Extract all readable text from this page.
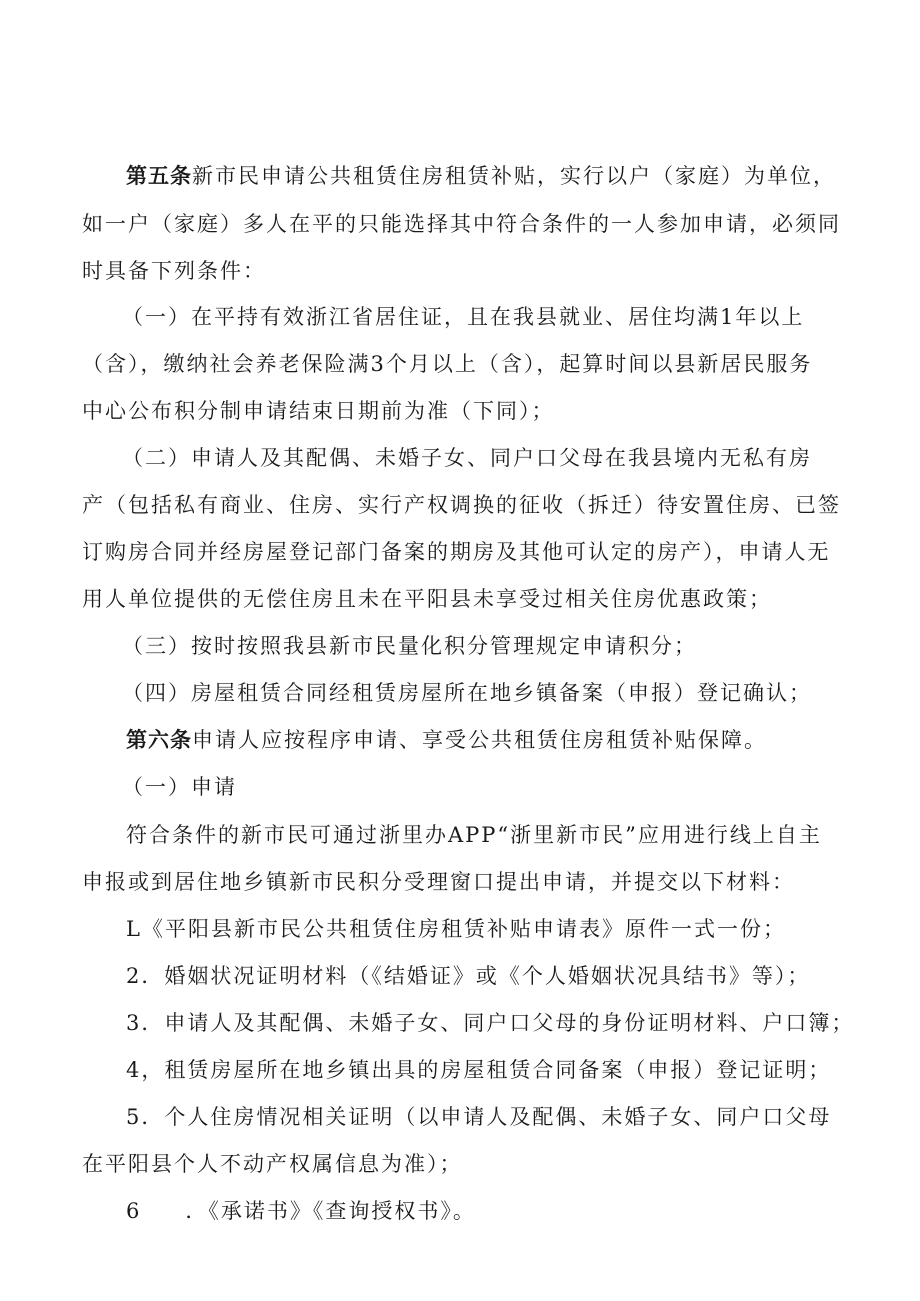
第五条新市民申请公共租赁住房租赁补贴，实行以户（家庭）为单位，
如一户（家庭）多人在平的只能选择其中符合条件的一人参加申请，必须同
时具备下列条件：
（一）在平持有效浙江省居住证，且在我县就业、居住均满1年以上
（含），缴纳社会养老保险满3个月以上（含），起算时间以县新居民服务
中心公布积分制申请结束日期前为准（下同）；
（二）申请人及其配偶、未婚子女、同户口父母在我县境内无私有房
产（包括私有商业、住房、实行产权调换的征收（拆迁）待安置住房、已签
订购房合同并经房屋登记部门备案的期房及其他可认定的房产），申请人无
用人单位提供的无偿住房且未在平阳县未享受过相关住房优惠政策；
（三）按时按照我县新市民量化积分管理规定申请积分；
（四）房屋租赁合同经租赁房屋所在地乡镇备案（申报）登记确认；
第六条申请人应按程序申请、享受公共租赁住房租赁补贴保障。
（一）申请
符合条件的新市民可通过浙里办APP“浙里新市民”应用进行线上自主
申报或到居住地乡镇新市民积分受理窗口提出申请，并提交以下材料：
L《平阳县新市民公共租赁住房租赁补贴申请表》原件一式一份；
2．婚姻状况证明材料（《结婚证》或《个人婚姻状况具结书》等）；
3．申请人及其配偶、未婚子女、同户口父母的身份证明材料、户口簿；
4，租赁房屋所在地乡镇出具的房屋租赁合同备案（申报）登记证明；
5．个人住房情况相关证明（以申请人及配偶、未婚子女、同户口父母
在平阳县个人不动产权属信息为准）；
6 ．《承诺书》《查询授权书》。
